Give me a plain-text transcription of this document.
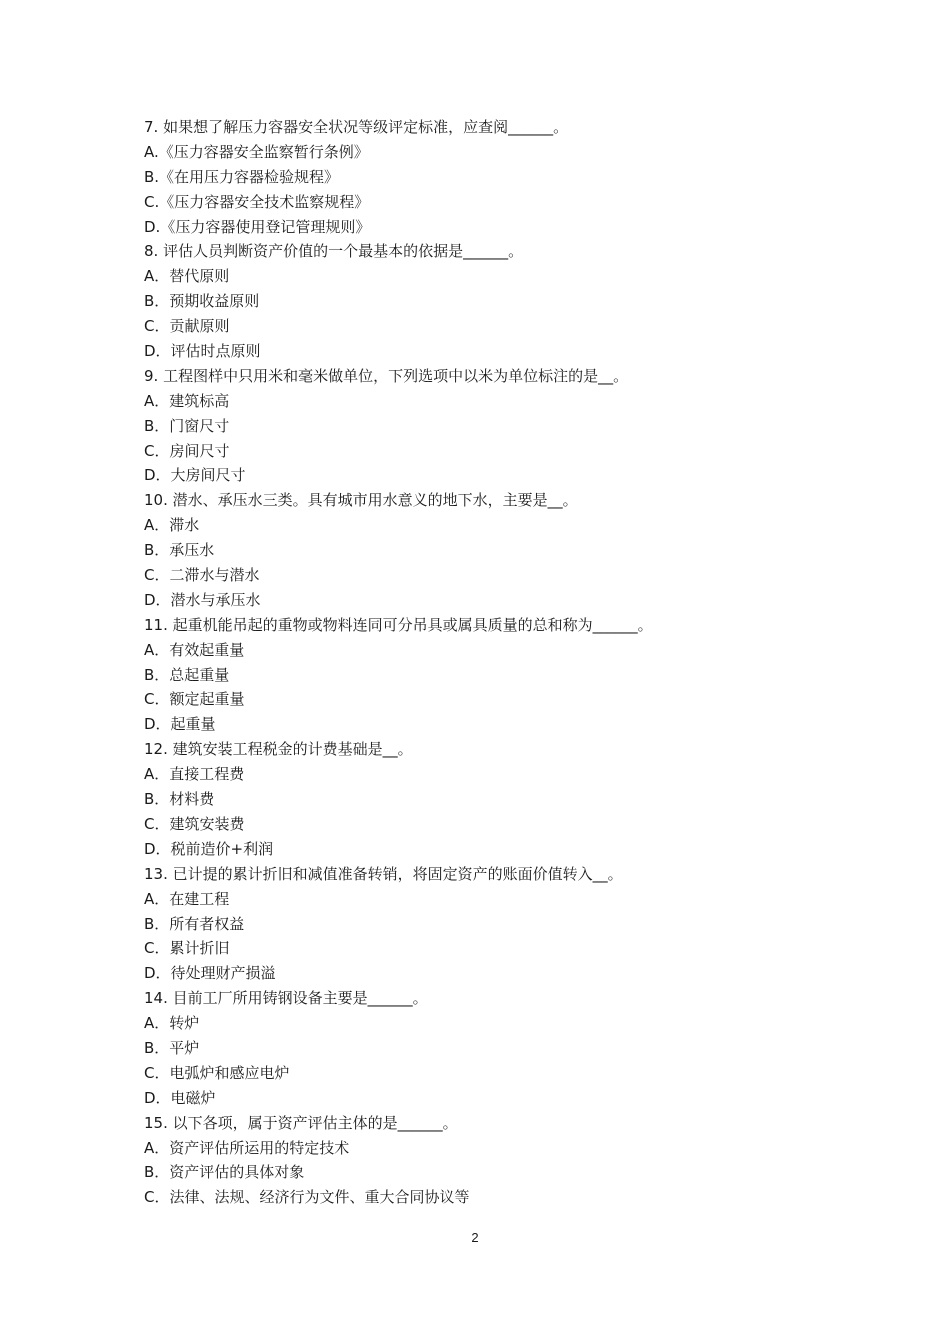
7. 如果想了解压力容器安全状况等级评定标准，应查阅______。
A.《压力容器安全监察暂行条例》
B.《在用压力容器检验规程》
C.《压力容器安全技术监察规程》
D.《压力容器使用登记管理规则》
8. 评估人员判断资产价值的一个最基本的依据是______。
A．替代原则
B．预期收益原则
C．贡献原则
D．评估时点原则
9. 工程图样中只用米和毫米做单位，下列选项中以米为单位标注的是__。
A．建筑标高
B．门窗尺寸
C．房间尺寸
D．大房间尺寸
10. 潜水、承压水三类。具有城市用水意义的地下水，主要是__。
A．滞水
B．承压水
C．二滞水与潜水
D．潜水与承压水
11. 起重机能吊起的重物或物料连同可分吊具或属具质量的总和称为______。
A．有效起重量
B．总起重量
C．额定起重量
D．起重量
12. 建筑安装工程税金的计费基础是__。
A．直接工程费
B．材料费
C．建筑安装费
D．税前造价+利润
13. 已计提的累计折旧和减值准备转销，将固定资产的账面价值转入__。
A．在建工程
B．所有者权益
C．累计折旧
D．待处理财产损溢
14. 目前工厂所用铸钢设备主要是______。
A．转炉
B．平炉
C．电弧炉和感应电炉
D．电磁炉
15. 以下各项，属于资产评估主体的是______。
A．资产评估所运用的特定技术
B．资产评估的具体对象
C．法律、法规、经济行为文件、重大合同协议等
2
